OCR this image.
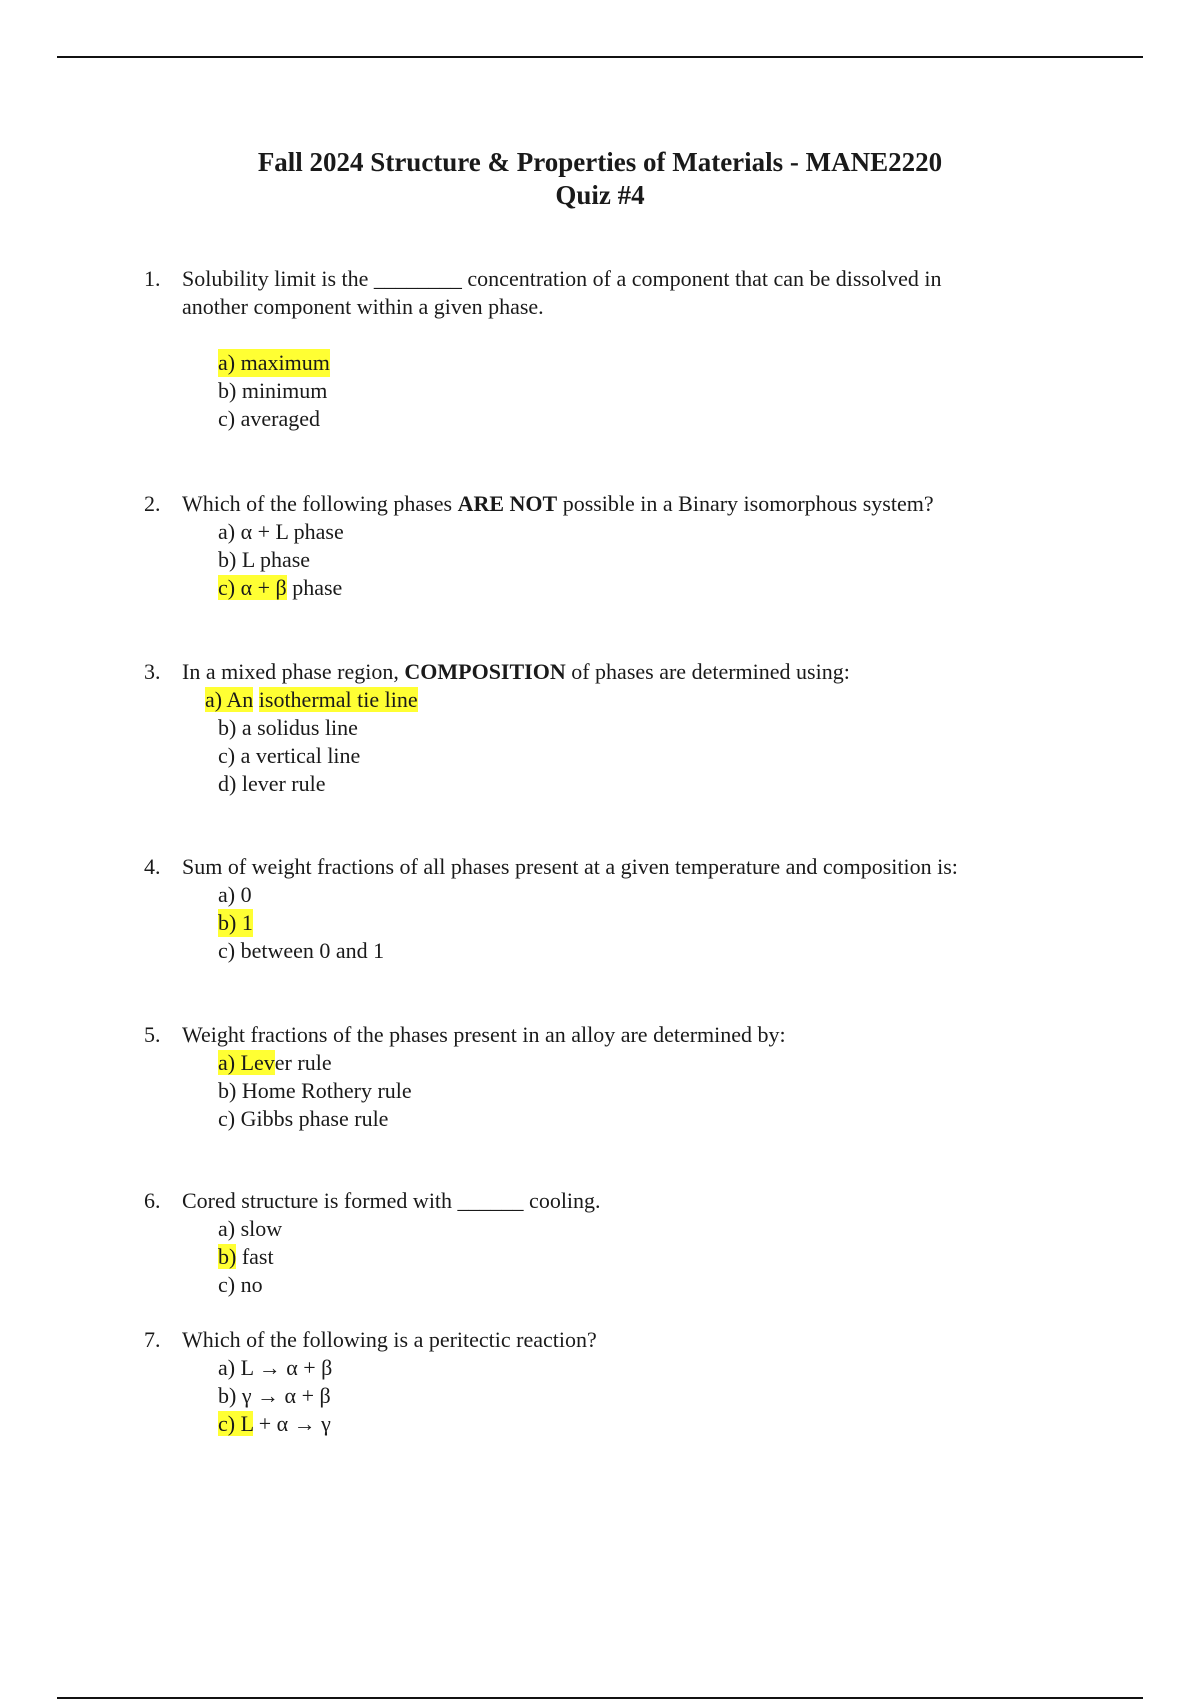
Fall 2024 Structure & Properties of Materials - MANE2220
Quiz #4
1. Solubility limit is the ________ concentration of a component that can be dissolved in
another component within a given phase.
a) maximum
b) minimum
c) averaged
2. Which of the following phases ARE NOT possible in a Binary isomorphous system?
a) α + L phase
b) L phase
c) α + β phase
3. In a mixed phase region, COMPOSITION of phases are determined using:
a) An isothermal tie line
b) a solidus line
c) a vertical line
d) lever rule
4. Sum of weight fractions of all phases present at a given temperature and composition is:
a) 0
b) 1
c) between 0 and 1
5. Weight fractions of the phases present in an alloy are determined by:
a) Lever rule
b) Home Rothery rule
c) Gibbs phase rule
6. Cored structure is formed with ______ cooling.
a) slow
b) fast
c) no
7. Which of the following is a peritectic reaction?
a) L → α + β
b) γ → α + β
c) L + α → γ
